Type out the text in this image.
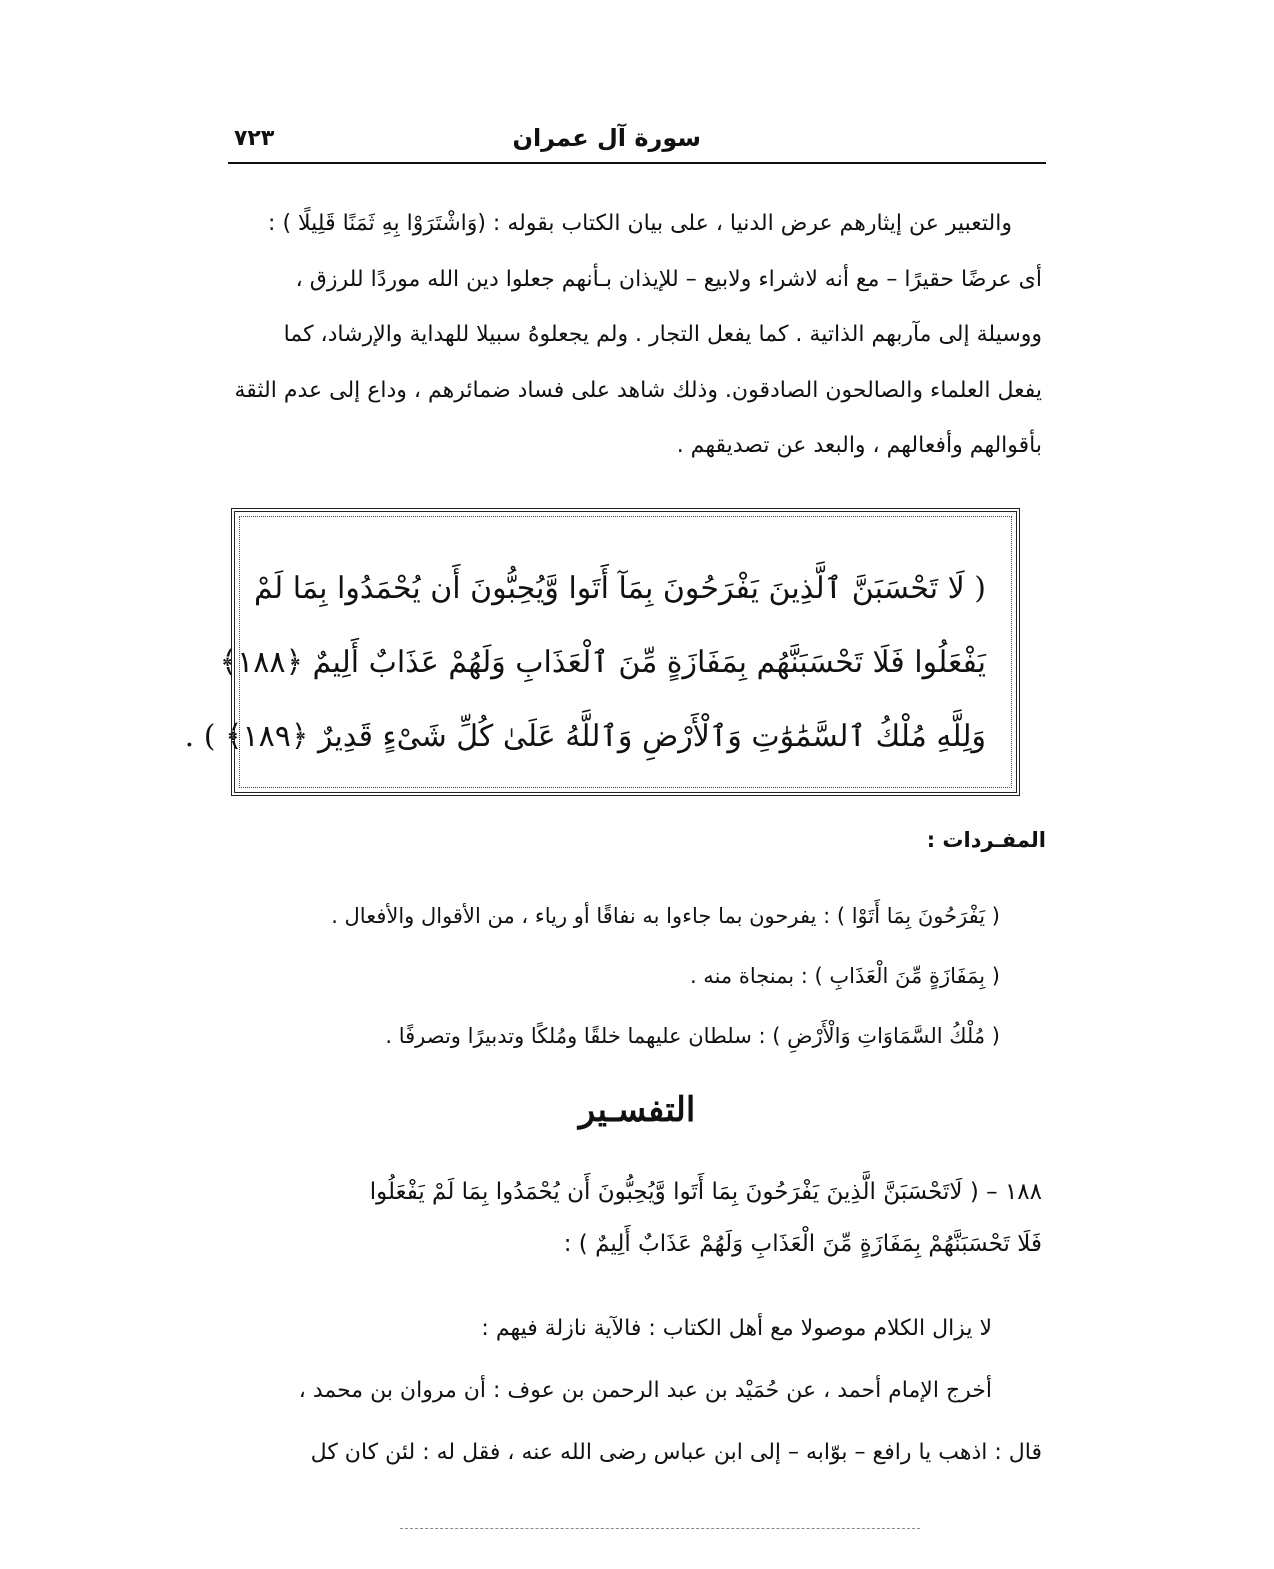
سورة آل عمران
٧٢٣
والتعبير عن إيثارهم عرض الدنيا ، على بيان الكتاب بقوله : (وَاشْتَرَوْا بِهِ ثَمَنًا قَلِيلًا ) :
أى عرضًا حقيرًا – مع أنه لاشراء ولابيع – للإيذان بـأنهم جعلوا دين الله موردًا للرزق ،
ووسيلة إلى مآربهم الذاتية . كما يفعل التجار . ولم يجعلوهُ سبيلا للهداية والإرشاد، كما
يفعل العلماء والصالحون الصادقون. وذلك شاهد على فساد ضمائرهم ، وداع إلى عدم الثقة
بأقوالهم وأفعالهم ، والبعد عن تصديقهم .
( لَا تَحْسَبَنَّ ٱلَّذِينَ يَفْرَحُونَ بِمَآ أَتَوا وَّيُحِبُّونَ أَن يُحْمَدُوا بِمَا لَمْ
يَفْعَلُوا فَلَا تَحْسَبَنَّهُم بِمَفَازَةٍ مِّنَ ٱلْعَذَابِ وَلَهُمْ عَذَابٌ أَلِيمٌ ﴿١٨٨﴾
وَلِلَّهِ مُلْكُ ٱلسَّمَٰوَٰتِ وَٱلْأَرْضِ وَٱللَّهُ عَلَىٰ كُلِّ شَىْءٍ قَدِيرٌ ﴿١٨٩﴾ ) .
المفـردات :
( يَفْرَحُونَ بِمَا أَتَوْا ) : يفرحون بما جاءوا به نفاقًا أو رياء ، من الأقوال والأفعال .
( بِمَفَازَةٍ مِّنَ الْعَذَابِ ) : بمنجاة منه .
( مُلْكُ السَّمَاوَاتِ وَالْأَرْضِ ) : سلطان عليهما خلقًا ومُلكًا وتدبيرًا وتصرفًا .
التفسـير
١٨٨ – ( لَاتَحْسَبَنَّ الَّذِينَ يَفْرَحُونَ بِمَا أَتَوا وَّيُحِبُّونَ أَن يُحْمَدُوا بِمَا لَمْ يَفْعَلُوا
فَلَا تَحْسَبَنَّهُمْ بِمَفَازَةٍ مِّنَ الْعَذَابِ وَلَهُمْ عَذَابٌ أَلِيمٌ ) :
لا يزال الكلام موصولا مع أهل الكتاب : فالآية نازلة فيهم :
أخرج الإمام أحمد ، عن حُمَيْد بن عبد الرحمن بن عوف : أن مروان بن محمد ،
قال : اذهب يا رافع – بوّابه – إلى ابن عباس رضى الله عنه ، فقل له : لئن كان كل
